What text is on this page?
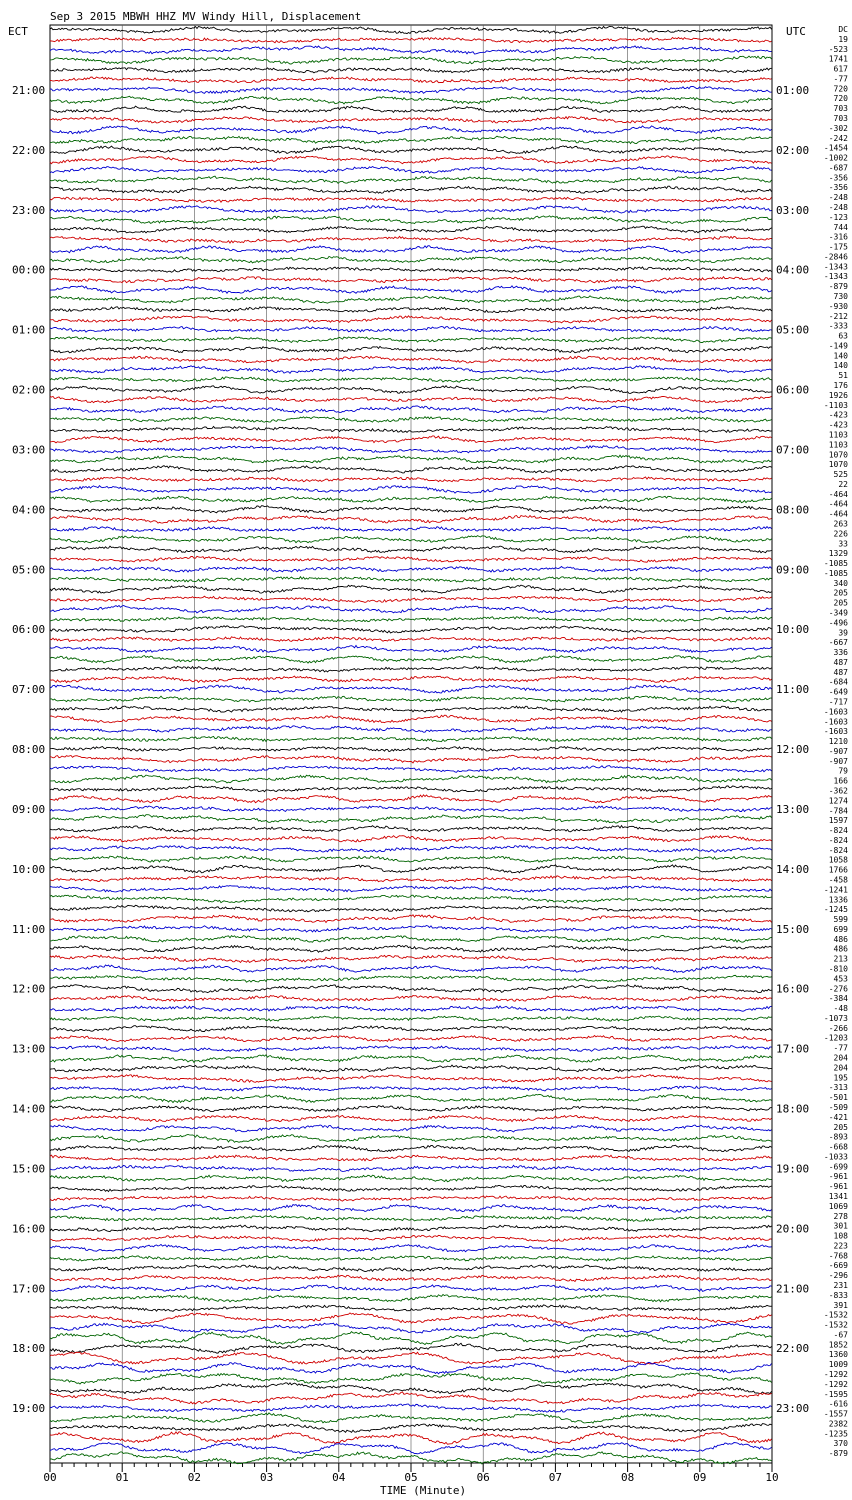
Sep 3 2015 MBWH HHZ MV Windy Hill, Displacement
ECT	UTC
21:00
22:00
23:00
00:00
01:00
02:00
03:00
04:00
05:00
06:00
07:00
08:00
09:00
10:00
11:00
12:00
13:00
14:00
15:00
16:00
17:00
18:00
19:00
01:00
02:00
03:00
04:00
05:00
06:00
07:00
08:00
09:00
10:00
11:00
12:00
13:00
14:00
15:00
16:00
17:00
18:00
19:00
20:00
21:00
22:00
23:00
DC
19
-523
1741
617
-77
720
720
703
703
-302
-242
-1454
-1002
-687
-356
-356
-248
-248
-123
744
-316
-175
-2846
-1343
-1343
-879
730
-930
-212
-333
63
-149
140
140
51
176
1926
-1103
-423
-423
1103
1103
1070
1070
525
22
-464
-464
-464
263
226
33
1329
-1085
-1085
340
205
205
-349
-496
39
-667
336
487
487
-684
-649
-717
-1603
-1603
-1603
1210
-907
-907
79
166
-362
1274
-784
1597
-824
-824
-824
1058
1766
-458
-1241
1336
-1245
599
699
486
486
213
-810
453
-276
-384
-48
-1073
-266
-1203
-77
204
204
195
-313
-501
-509
-421
205
-893
-668
-1033
-699
-961
-961
1341
1069
278
301
108
223
-768
-669
-296
231
-833
391
-1532
-1532
-67
1852
1360
1009
-1292
-1292
-1595
-616
-1557
2382
-1235
370
-879
00	01	02	03	04	05	06	07	08	09	10
TIME (Minute)
